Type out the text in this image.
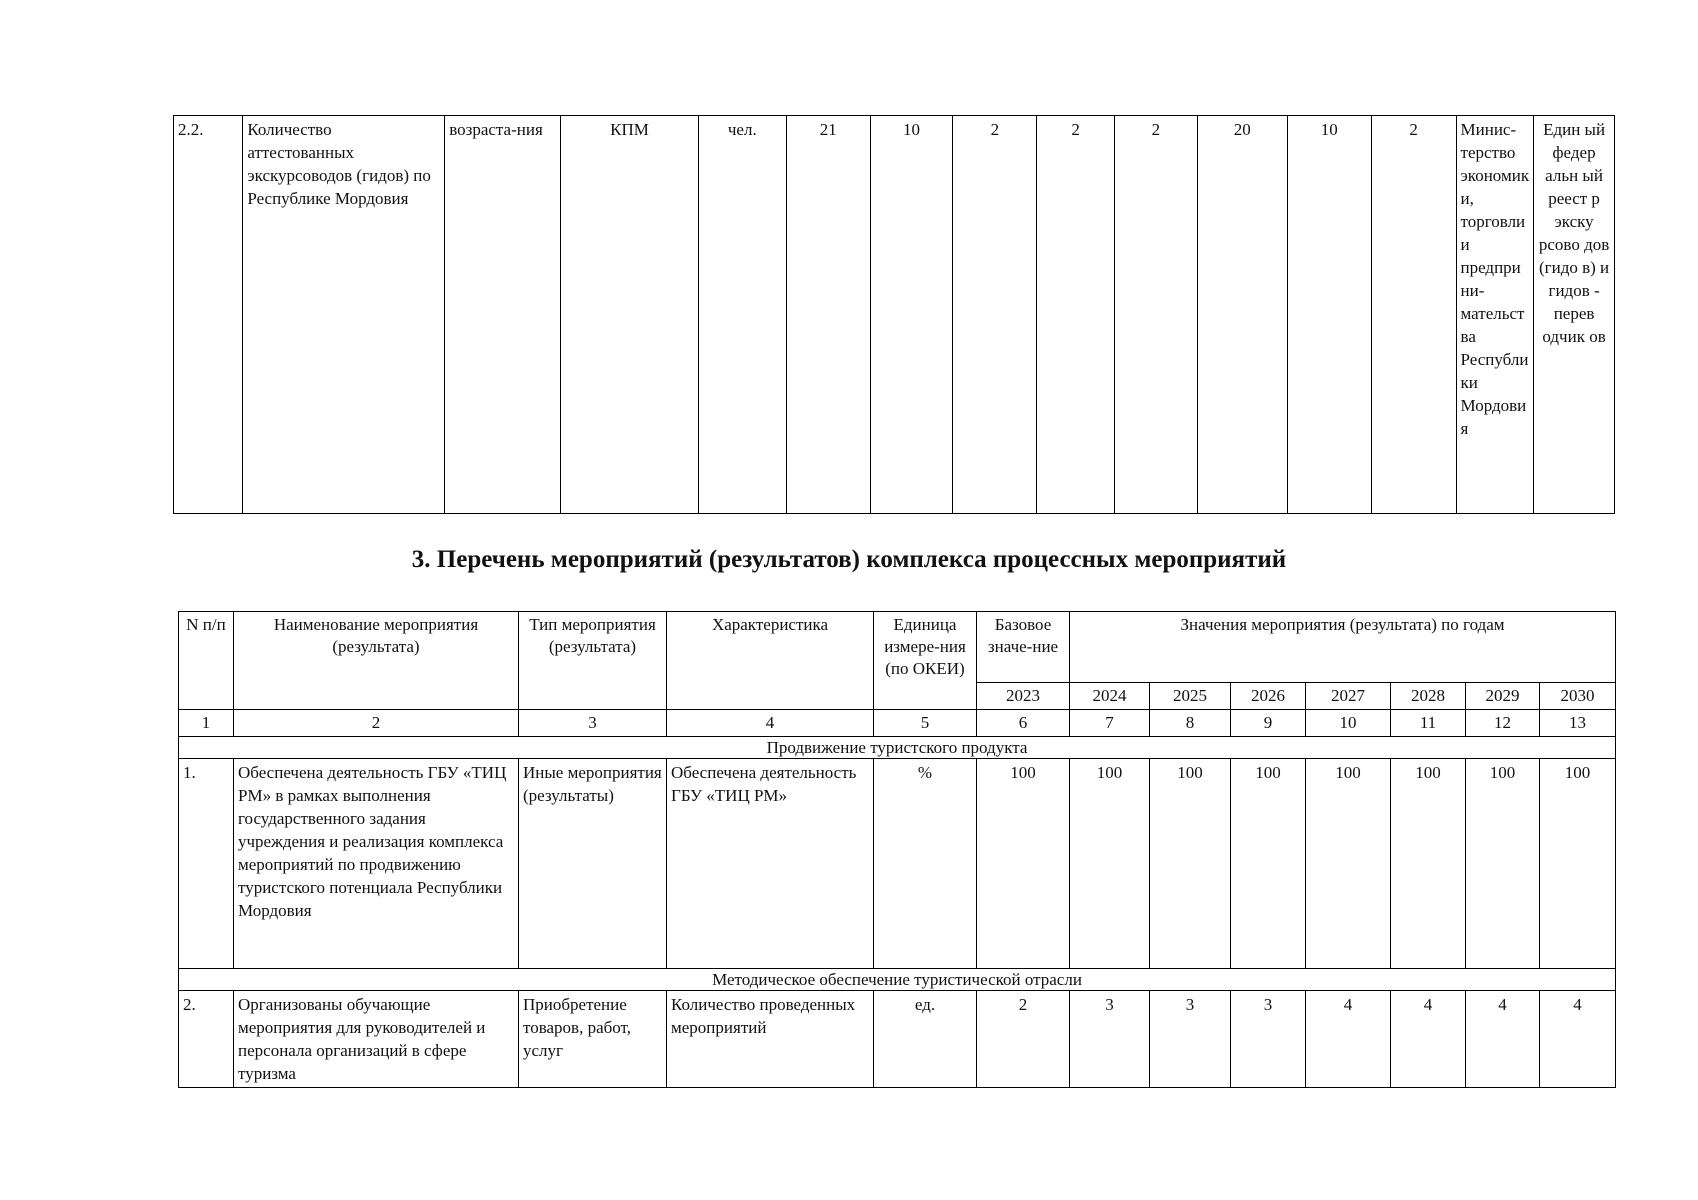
2.2.	Количество аттестованных экскурсоводов (гидов) по Республике Мордовия	возраста-ния	КПМ	чел.	21	10	2	2	2	20	10	2	Минис-терство экономики, торговли и предприни-мательства Республики Мордовия	Един ый федер альн ый реест р экску рсово дов (гидо в) и гидов - перев одчик ов
3. Перечень мероприятий (результатов) комплекса процессных мероприятий
N п/п	Наименование мероприятия (результата)	Тип мероприятия (результата)	Характеристика	Единица измере-ния (по ОКЕИ)	Базовое значе-ние	Значения мероприятия (результата) по годам						
					2023	2024	2025	2026	2027	2028	2029	2030
1	2	3	4	5	6	7	8	9	10	11	12	13
Продвижение туристского продукта												
1.	Обеспечена деятельность ГБУ «ТИЦ РМ» в рамках выполнения государственного задания учреждения и реализация комплекса мероприятий по продвижению туристского потенциала Республики Мордовия	Иные мероприятия (результаты)	Обеспечена деятельность ГБУ «ТИЦ РМ»	%	100	100	100	100	100	100	100	100
Методическое обеспечение туристической отрасли												
2.	Организованы обучающие мероприятия для руководителей и персонала организаций в сфере туризма	Приобретение товаров, работ, услуг	Количество проведенных мероприятий	ед.	2	3	3	3	4	4	4	4
